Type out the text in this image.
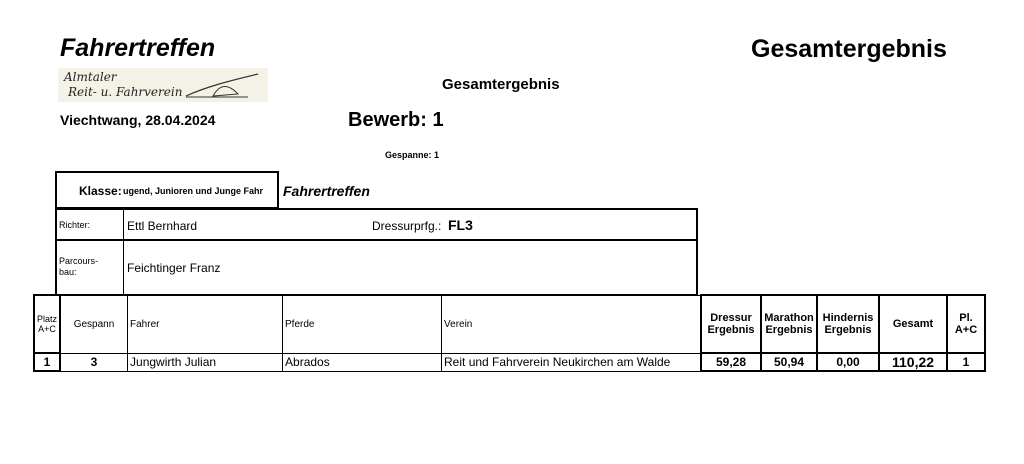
Fahrertreffen	Gesamtergebnis
Almtaler
Reit- u. Fahrverein	Gesamtergebnis
Viechtwang, 28.04.2024	Bewerb: 1
Gespanne: 1
Klasse: ugend, Junioren und Junge Fahr	Fahrertreffen
Richter:	Ettl Bernhard	Dressurprfg.: FL3
Parcours-
bau:	Feichtinger Franz
Platz A+C	Gespann	Fahrer	Pferde	Verein	Dressur Ergebnis	Marathon Ergebnis	Hindernis Ergebnis	Gesamt	Pl. A+C
1	3	Jungwirth Julian	Abrados	Reit und Fahrverein Neukirchen am Walde	59,28	50,94	0,00	110,22	1
